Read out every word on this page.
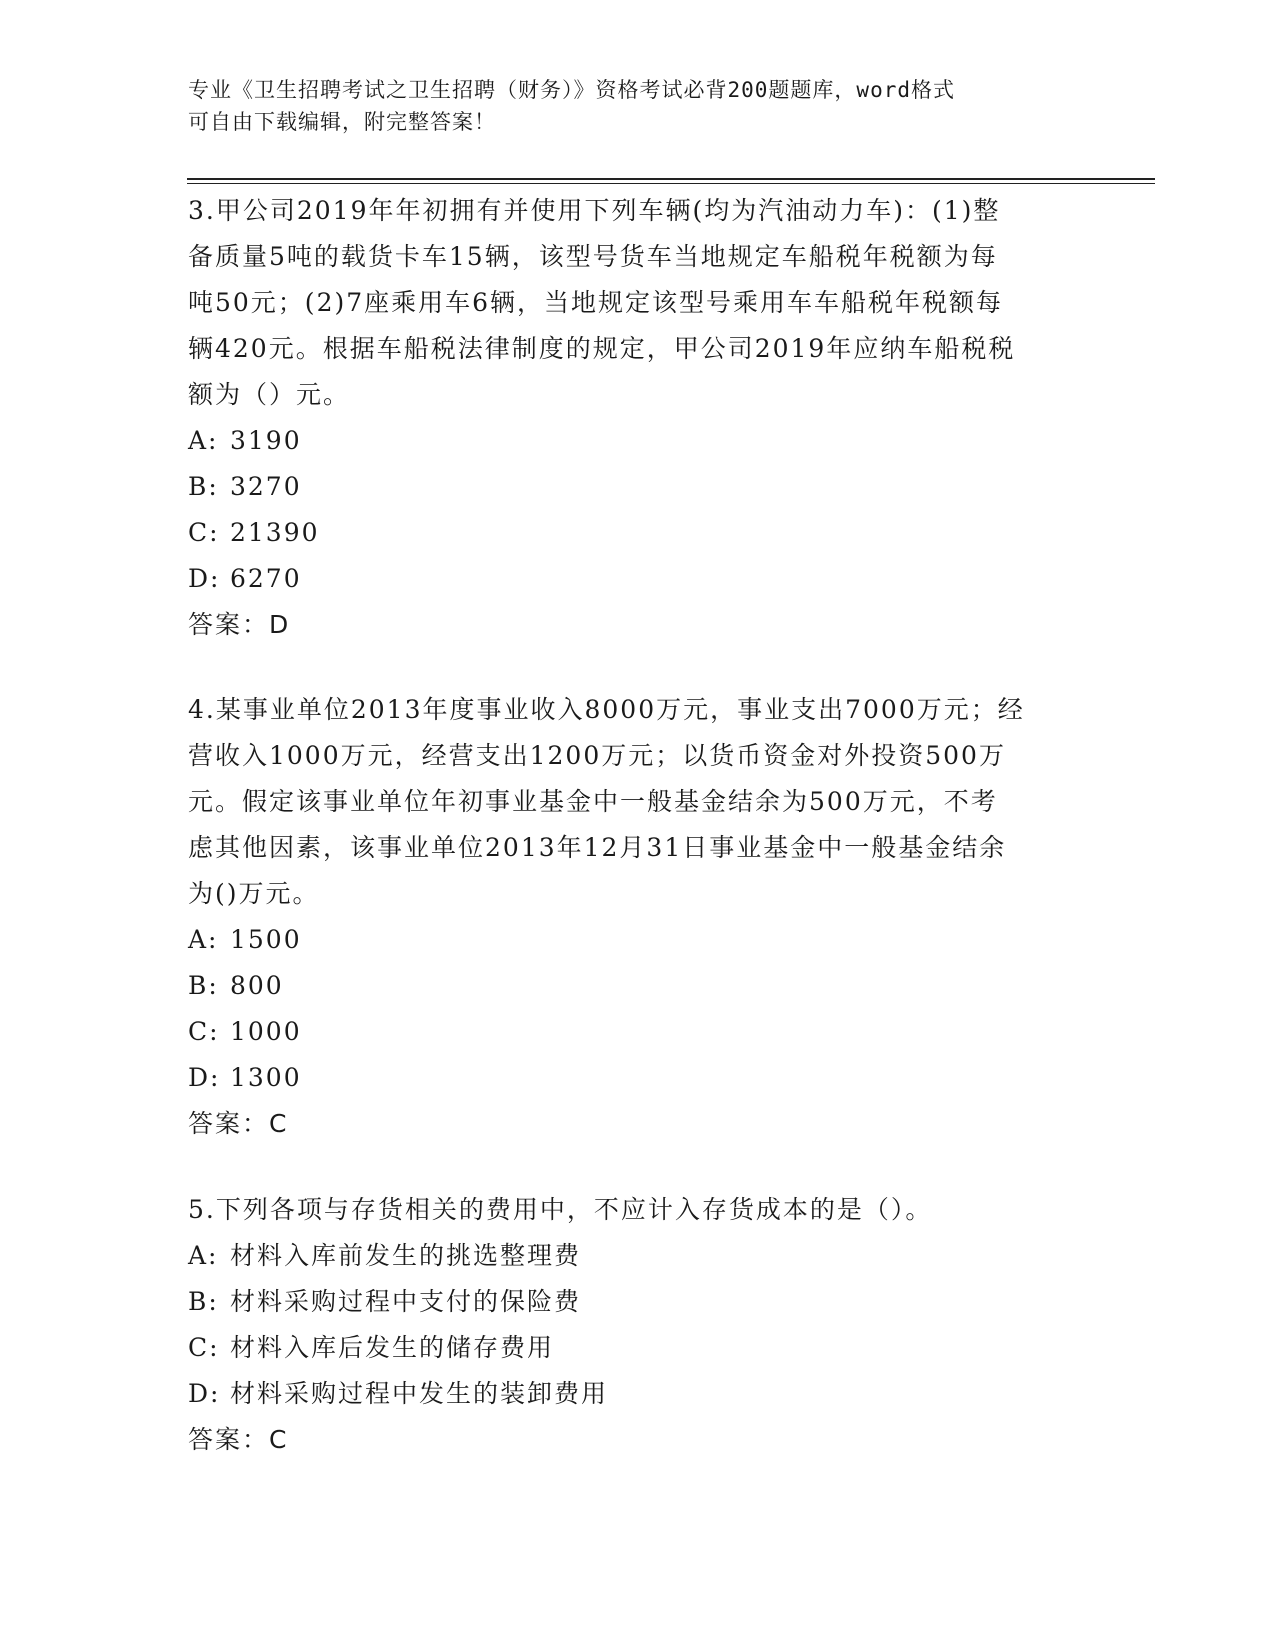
专业《卫生招聘考试之卫生招聘（财务）》资格考试必背200题题库，word格式
可自由下载编辑，附完整答案！
3.甲公司2019年年初拥有并使用下列车辆(均为汽油动力车)：(1)整
备质量5吨的载货卡车15辆，该型号货车当地规定车船税年税额为每
吨50元；(2)7座乘用车6辆，当地规定该型号乘用车车船税年税额每
辆420元。根据车船税法律制度的规定，甲公司2019年应纳车船税税
额为（）元。
A: 3190
B: 3270
C: 21390
D: 6270
答案：D
4.某事业单位2013年度事业收入8000万元，事业支出7000万元；经
营收入1000万元，经营支出1200万元；以货币资金对外投资500万
元。假定该事业单位年初事业基金中一般基金结余为500万元，不考
虑其他因素，该事业单位2013年12月31日事业基金中一般基金结余
为()万元。
A: 1500
B: 800
C: 1000
D: 1300
答案：C
5.下列各项与存货相关的费用中，不应计入存货成本的是（）。
A: 材料入库前发生的挑选整理费
B: 材料采购过程中支付的保险费
C: 材料入库后发生的储存费用
D: 材料采购过程中发生的装卸费用
答案：C
